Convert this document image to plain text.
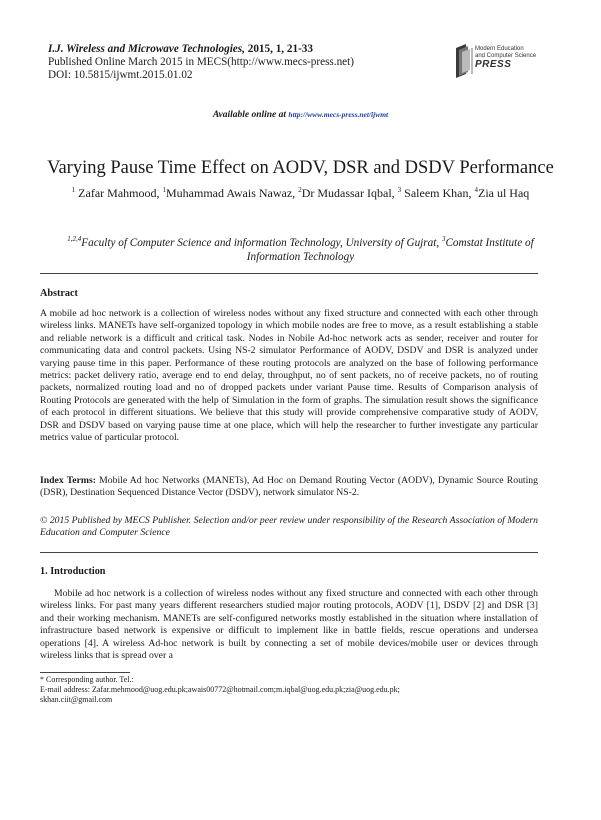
I.J. Wireless and Microwave Technologies, 2015, 1, 21-33
Published Online March 2015 in MECS(http://www.mecs-press.net)
DOI: 10.5815/ijwmt.2015.01.02
Modern Education
and Computer Science
PRESS
Available online at http://www.mecs-press.net/ijwmt
Varying Pause Time Effect on AODV, DSR and DSDV Performance
$^1$ Zafar Mahmood, $^1$Muhammad Awais Nawaz, $^2$Dr Mudassar Iqbal, $^3$ Saleem Khan, $^4$Zia ul Haq
$^{1,2,4}$Faculty of Computer Science and information Technology, University of Gujrat, $^3$Comstat Institute of Information Technology
Abstract
A mobile ad hoc network is a collection of wireless nodes without any fixed structure and connected with each other through wireless links. MANETs have self-organized topology in which mobile nodes are free to move, as a result establishing a stable and reliable network is a difficult and critical task. Nodes in Nobile Ad-hoc network acts as sender, receiver and router for communicating data and control packets. Using NS-2 simulator Performance of AODV, DSDV and DSR is analyzed under varying pause time in this paper. Performance of these routing protocols are analyzed on the base of following performance metrics: packet delivery ratio, average end to end delay, throughput, no of sent packets, no of receive packets, no of routing packets, normalized routing load and no of dropped packets under variant Pause time. Results of Comparison analysis of Routing Protocols are generated with the help of Simulation in the form of graphs. The simulation result shows the significance of each protocol in different situations. We believe that this study will provide comprehensive comparative study of AODV, DSR and DSDV based on varying pause time at one place, which will help the researcher to further investigate any particular metrics value of particular protocol.
Index Terms: Mobile Ad hoc Networks (MANETs), Ad Hoc on Demand Routing Vector (AODV), Dynamic Source Routing (DSR), Destination Sequenced Distance Vector (DSDV), network simulator NS-2.
© 2015 Published by MECS Publisher. Selection and/or peer review under responsibility of the Research Association of Modern Education and Computer Science
1. Introduction
Mobile ad hoc network is a collection of wireless nodes without any fixed structure and connected with each other through wireless links. For past many years different researchers studied major routing protocols, AODV [1], DSDV [2] and DSR [3] and their working mechanism. MANETs are self-configured networks mostly established in the situation where installation of infrastructure based network is expensive or difficult to implement like in battle fields, rescue operations and undersea operations [4]. A wireless Ad-hoc network is built by connecting a set of mobile devices/mobile user or devices through wireless links that is spread over a
* Corresponding author. Tel.:
E-mail address: Zafar.mehmood@uog.edu.pk;awais00772@hotmail.com;m.iqbal@uog.edu.pk;zia@uog.edu.pk;
skhan.ciit@gmail.com
